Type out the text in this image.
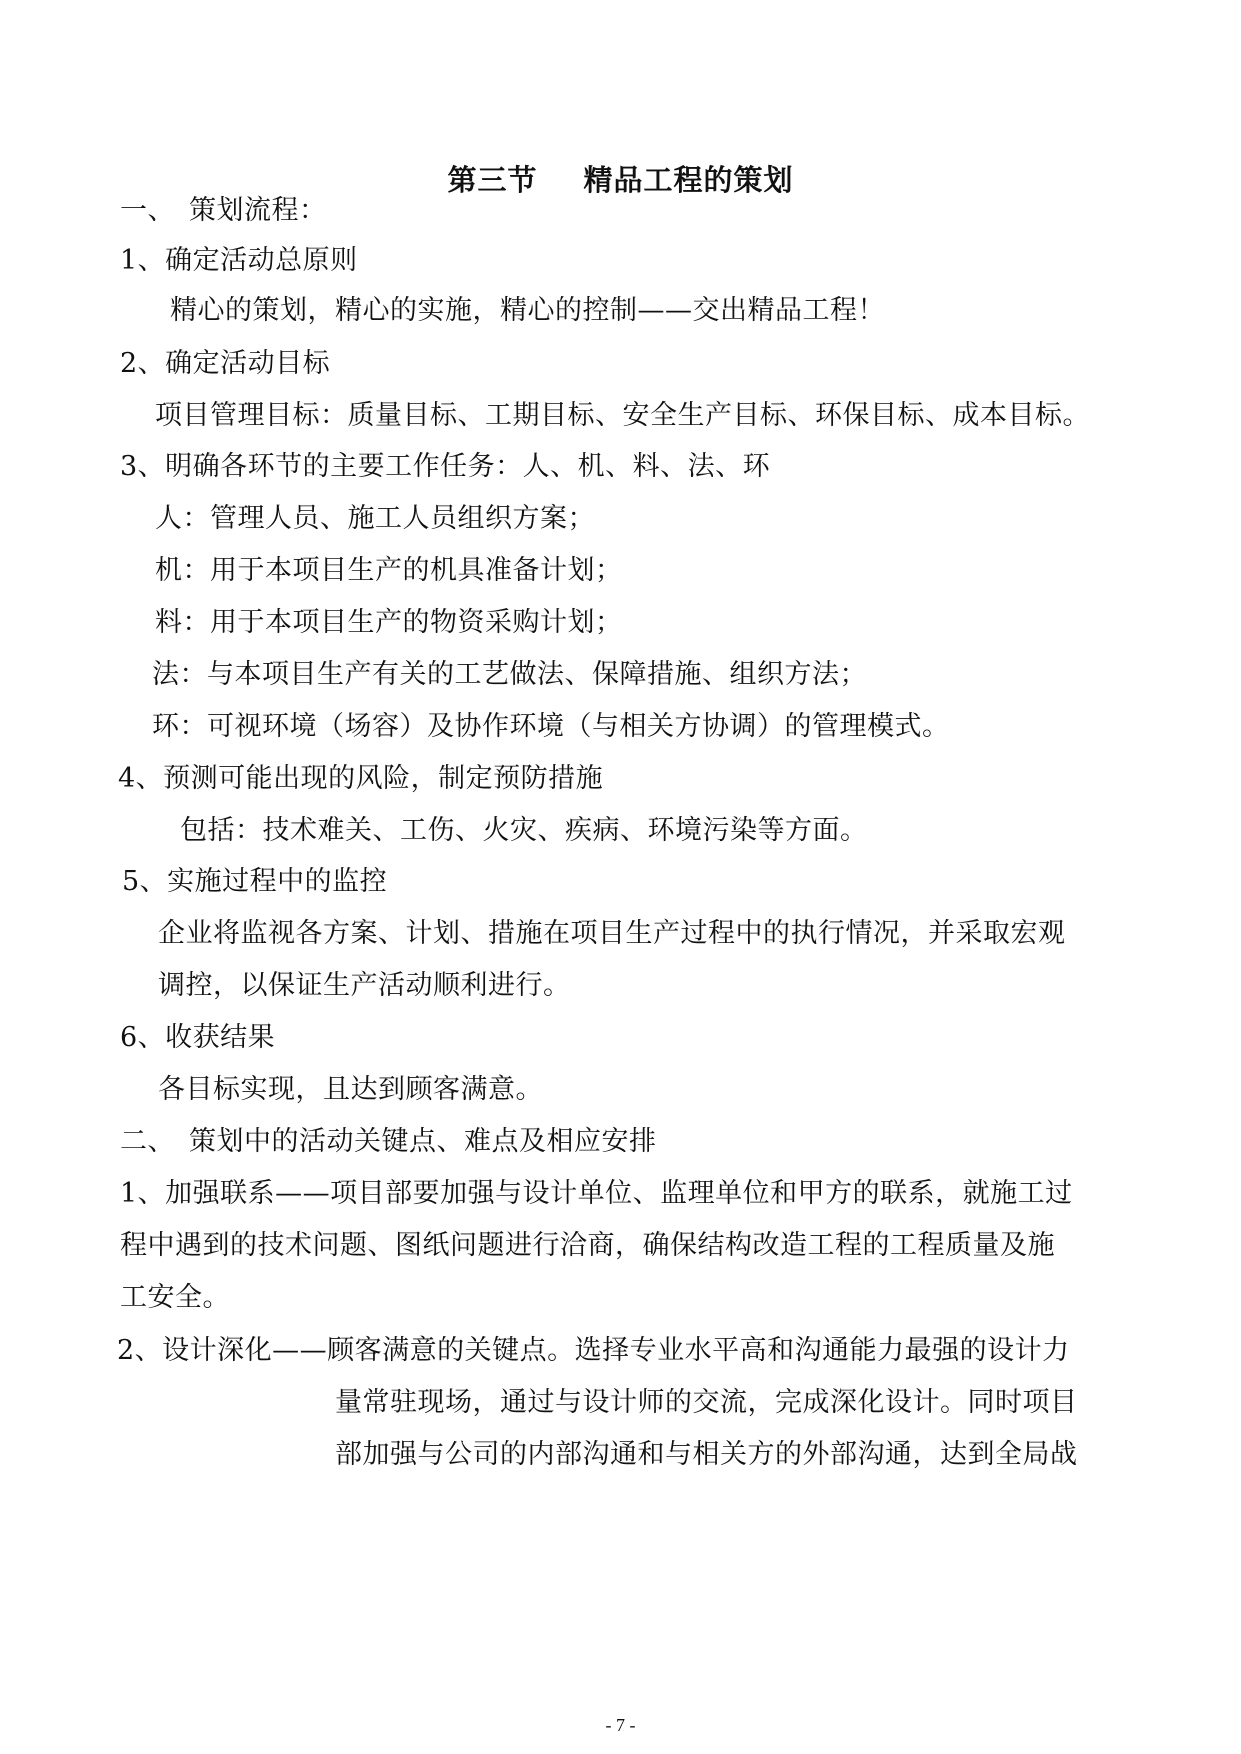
第三节 精品工程的策划
一、　策划流程：
1、确定活动总原则
精心的策划，精心的实施，精心的控制——交出精品工程！
2、确定活动目标
项目管理目标：质量目标、工期目标、安全生产目标、环保目标、成本目标。
3、明确各环节的主要工作任务：人、机、料、法、环
人：管理人员、施工人员组织方案；
机：用于本项目生产的机具准备计划；
料：用于本项目生产的物资采购计划；
法：与本项目生产有关的工艺做法、保障措施、组织方法；
环：可视环境（场容）及协作环境（与相关方协调）的管理模式。
4、预测可能出现的风险，制定预防措施
包括：技术难关、工伤、火灾、疾病、环境污染等方面。
5、实施过程中的监控
企业将监视各方案、计划、措施在项目生产过程中的执行情况，并采取宏观
调控，以保证生产活动顺利进行。
6、收获结果
各目标实现，且达到顾客满意。
二、　策划中的活动关键点、难点及相应安排
1、加强联系——项目部要加强与设计单位、监理单位和甲方的联系，就施工过
程中遇到的技术问题、图纸问题进行洽商，确保结构改造工程的工程质量及施
工安全。
2、设计深化——顾客满意的关键点。选择专业水平高和沟通能力最强的设计力
量常驻现场，通过与设计师的交流，完成深化设计。同时项目
部加强与公司的内部沟通和与相关方的外部沟通，达到全局战
- 7 -
